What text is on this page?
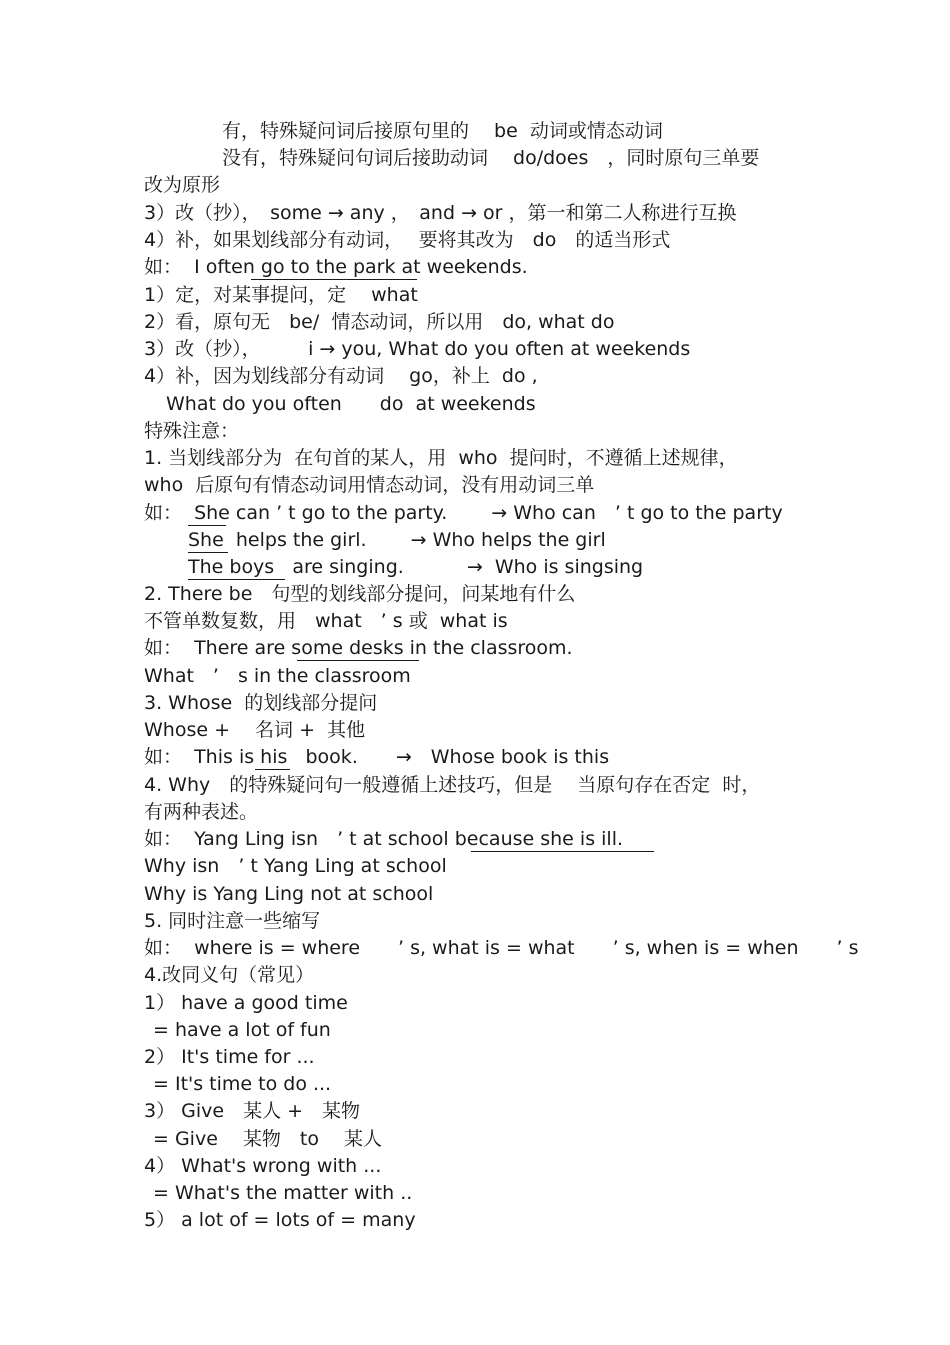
有，特殊疑问词后接原句里的　 be  动词或情态动词
没有，特殊疑问句词后接助动词　 do/does　，同时原句三单要
改为原形
3）改（抄），　some → any ，　and → or ，第一和第二人称进行互换
4）补，如果划线部分有动词，　 要将其改为　do　的适当形式
如：  I often go to the park at weekends.
1）定，对某事提问，定　 what
2）看，原句无　be/  情态动词，所以用　do, what do
3）改（抄），　　　i → you, What do you often at weekends
4）补，因为划线部分有动词　 go，补上  do ,
What do you often　　do  at weekends
特殊注意：
1. 当划线部分为  在句首的某人，用  who  提问时，不遵循上述规律，
who  后原句有情态动词用情态动词，没有用动词三单
如：  She can ’ t go to the party.　　 → Who can　’ t go to the party
She  helps the girl.　　 → Who helps the girl
The boys   are singing.　　　 →  Who is singsing
2. There be　句型的划线部分提问，问某地有什么
不管单数复数，用　what　’ s 或  what is
如：  There are some desks in the classroom.
What　’　s in the classroom
3. Whose  的划线部分提问
Whose +　 名词 +  其他
如：  This is his   book.　　→　Whose book is this
4. Why　的特殊疑问句一般遵循上述技巧，但是　 当原句存在否定  时，
有两种表述。
如：  Yang Ling isn　’ t at school because she is ill.
Why isn　’ t Yang Ling at school
Why is Yang Ling not at school
5. 同时注意一些缩写
如：  where is = where　　’ s, what is = what　　’ s, when is = when　　’ s
4.改同义句（常见）
1） have a good time
= have a lot of fun
2） It's time for ...
= It's time to do ...
3） Give　某人 +　某物
= Give　 某物　to　 某人
4） What's wrong with ...
= What's the matter with ..
5） a lot of = lots of = many
